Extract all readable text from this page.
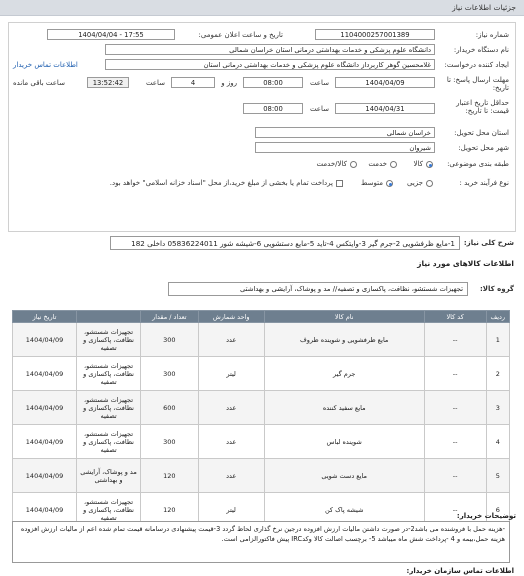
جزئیات اطلاعات نیاز
شماره نیاز:
1104000257001389
تاریخ و ساعت اعلان عمومی:
1404/04/04 - 17:55
نام دستگاه خریدار:
دانشگاه علوم پزشکی و خدمات بهداشتی درمانی استان خراسان شمالی
ایجاد کننده درخواست:
غلامحسین گوهر کاربرداز دانشگاه علوم پزشکی و خدمات بهداشتی درمانی استان
اطلاعات تماس خریدار
مهلت ارسال پاسخ: تا
تاریخ:
1404/04/09
ساعت
08:00
4	روز و
13:52:42	ساعت
ساعت باقی مانده
حداقل تاریخ اعتبار قیمت: تا تاریخ:
1404/04/31
ساعت
08:00
استان محل تحویل:
خراسان شمالی
شهر محل تحویل:
شیروان
طبقه بندی موضوعی:
کالا
خدمت
کالا/خدمت
نوع فرآیند خرید :
جزیی
متوسط
پرداخت تمام یا بخشی از مبلغ خرید،از محل "اسناد خزانه اسلامی" خواهد بود.
شرح کلی نیاز:
1-مایع ظرفشویی 2-جرم گیر 3-وایتکس 4-تاید 5-مایع دستشویی 6-شیشه شور 05836224011 داخلی 182
اطلاعات کالاهای مورد نیاز
گروه کالا:
تجهیزات شستشو، نظافت، پاکسازی و تصفیه// مد و پوشاک، آرایشی و بهداشتی
ردیف	کد کالا	نام کالا	واحد شمارش	تعداد / مقدار		تاریخ نیاز
1	--	مایع ظرفشویی و شوینده ظروف	عدد	300	تجهیزات شستشو، نظافت، پاکسازی و تصفیه	1404/04/09
2	--	جرم گیر	لیتر	300	تجهیزات شستشو، نظافت، پاکسازی و تصفیه	1404/04/09
3	--	مایع سفید کننده	عدد	600	تجهیزات شستشو، نظافت، پاکسازی و تصفیه	1404/04/09
4	--	شوینده لباس	عدد	300	تجهیزات شستشو، نظافت، پاکسازی و تصفیه	1404/04/09
5	--	مایع دست شویی	عدد	120	مد و پوشاک، آرایشی و بهداشتی	1404/04/09
6	--	شیشه پاک کن	لیتر	120	تجهیزات شستشو، نظافت، پاکسازی و تصفیه	1404/04/09
-هزینه حمل با فروشنده می باشد2-در صورت داشتن مالیات ارزش افزوده درجین نرخ گذاری لحاظ گردد 3-قیمت پیشنهادی درسامانه قیمت تمام شده اعم از مالیات ارزش افزوده هزینه حمل،بیمه و 4 -پرداخت شش ماه میباشد 5- برچسب اصالت کالا وکدIRC پیش فاکتورالزامی است.
توضیحات خریدار:
اطلاعات تماس سازمان خریدار:
